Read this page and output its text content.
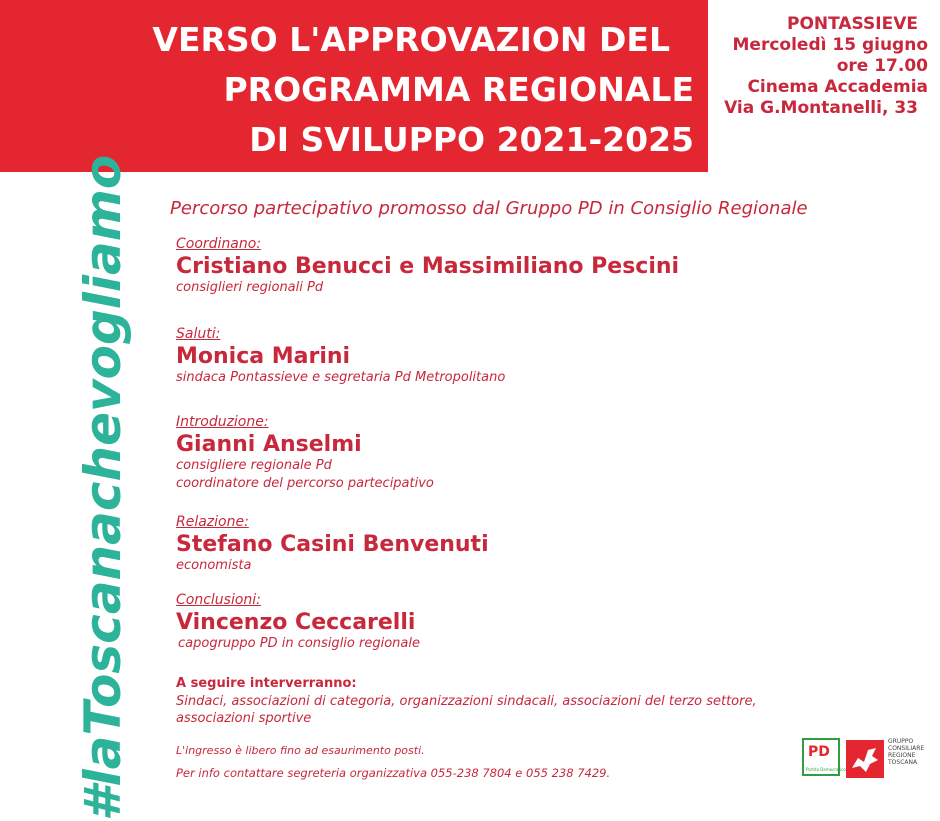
VERSO L'APPROVAZION DEL
PROGRAMMA REGIONALE
DI SVILUPPO 2021-2025
PONTASSIEVE
Mercoledì 15 giugno
ore 17.00
Cinema Accademia
Via G.Montanelli, 33
#laToscanachevogliamo Percorso partecipativo promosso dal Gruppo PD in Consiglio Regionale
Coordinano:
Cristiano Benucci e Massimiliano Pescini
consiglieri regionali Pd
Saluti:
Monica Marini
sindaca Pontassieve e segretaria Pd Metropolitano
Introduzione:
Gianni Anselmi
consigliere regionale Pd
coordinatore del percorso partecipativo
Relazione:
Stefano Casini Benvenuti
economista
Conclusioni:
Vincenzo Ceccarelli
capogruppo PD in consiglio regionale
A seguire interverranno:
Sindaci, associazioni di categoria, organizzazioni sindacali, associazioni del terzo settore, associazioni sportive
L'ingresso è libero fino ad esaurimento posti.
Per info contattare segreteria organizzativa 055-238 7804 e 055 238 7429.
PD
Partito Democratico
GRUPPO
CONSILIARE
REGIONE
TOSCANA
